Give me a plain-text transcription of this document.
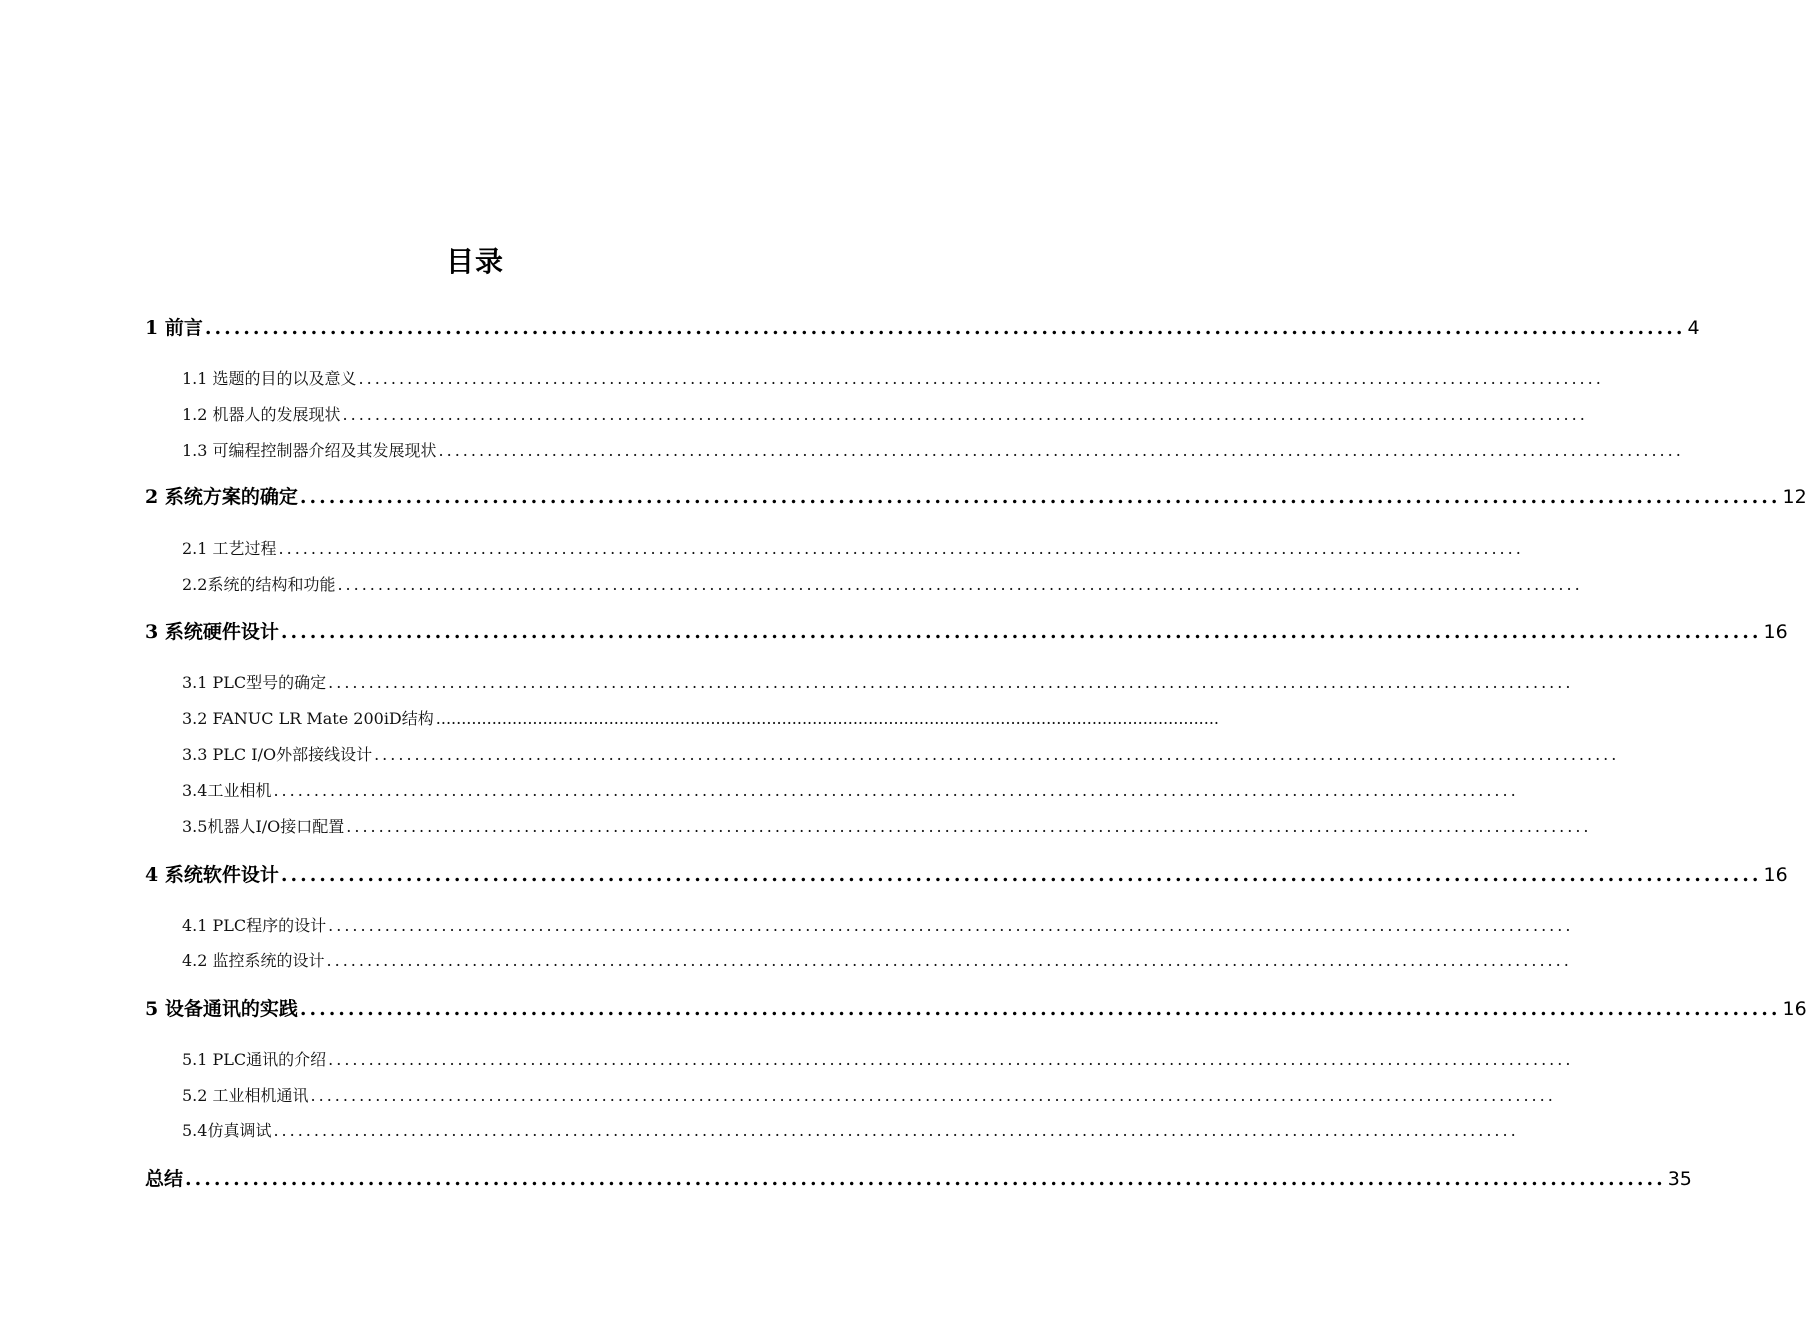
目录
1 前言 .......................................................................................................................................................... 4
1.1 选题的目的以及意义 ..........................................................................................................................................................
1.2 机器人的发展现状 ..........................................................................................................................................................
1.3 可编程控制器介绍及其发展现状 ..........................................................................................................................................................
2 系统方案的确定 .......................................................................................................................................................... 12
2.1 工艺过程 ..........................................................................................................................................................
2.2系统的结构和功能 ..........................................................................................................................................................
3 系统硬件设计 .......................................................................................................................................................... 16
3.1 PLC型号的确定 ..........................................................................................................................................................
3.2 FANUC LR Mate 200iD结构 ..........................................................................................................................................................
3.3 PLC I/O外部接线设计 ..........................................................................................................................................................
3.4工业相机 ..........................................................................................................................................................
3.5机器人I/O接口配置 ..........................................................................................................................................................
4 系统软件设计 .......................................................................................................................................................... 16
4.1 PLC程序的设计 ..........................................................................................................................................................
4.2 监控系统的设计 ..........................................................................................................................................................
5 设备通讯的实践 .......................................................................................................................................................... 16
5.1 PLC通讯的介绍 ..........................................................................................................................................................
5.2 工业相机通讯 ..........................................................................................................................................................
5.4仿真调试 ..........................................................................................................................................................
总结 .......................................................................................................................................................... 35
